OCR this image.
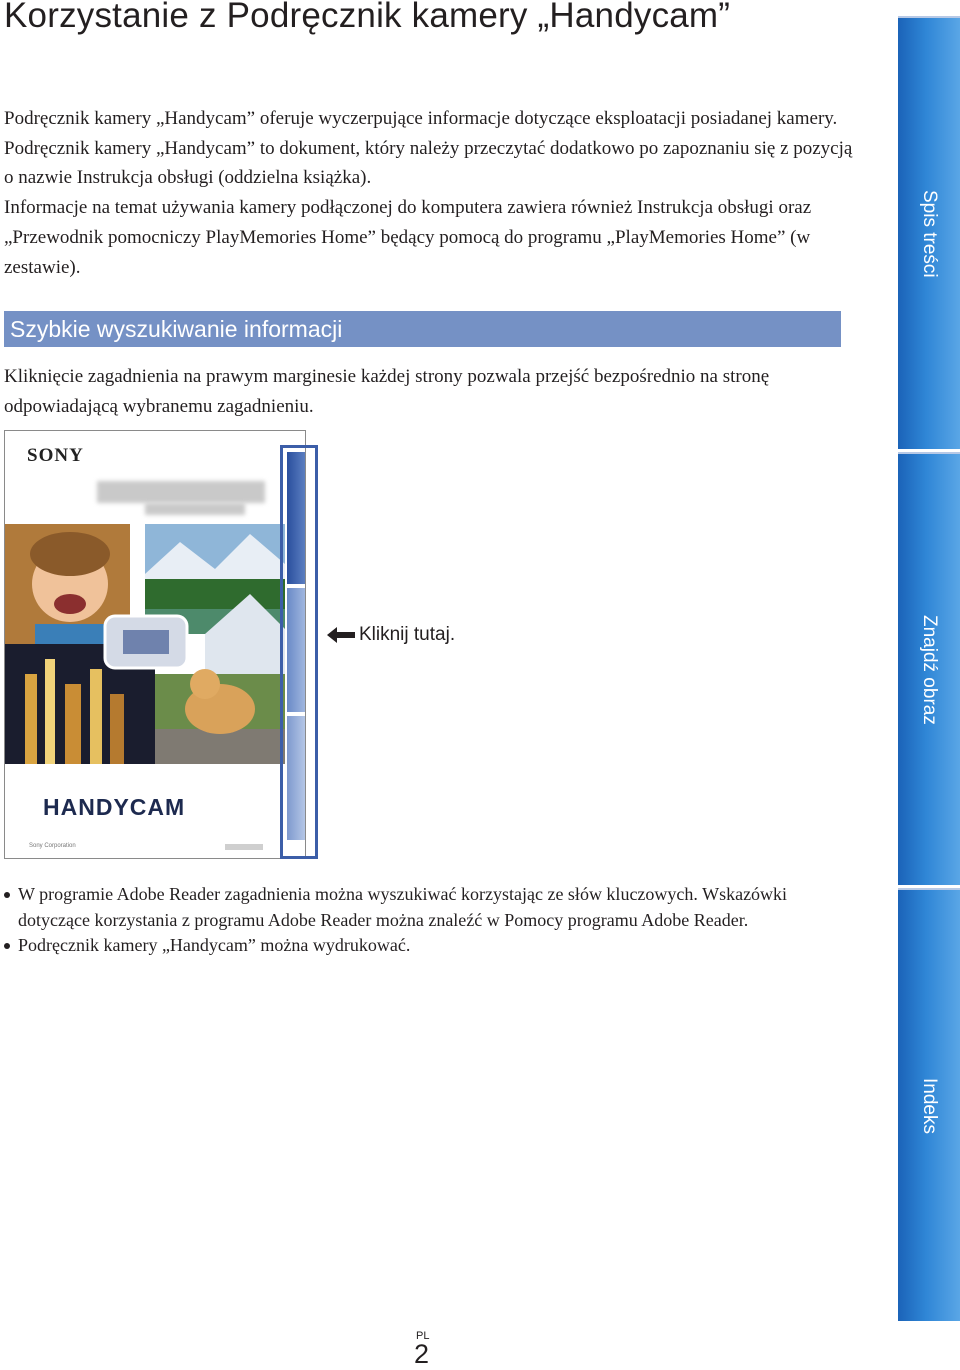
Korzystanie z Podręcznik kamery „Handycam”

Podręcznik kamery „Handycam” oferuje wyczerpujące informacje dotyczące eksploatacji posiadanej kamery. Podręcznik kamery „Handycam” to dokument, który należy przeczytać dodatkowo po zapoznaniu się z pozycją o nazwie Instrukcja obsługi (oddzielna książka).

Informacje na temat używania kamery podłączonej do komputera zawiera również Instrukcja obsługi oraz „Przewodnik pomocniczy PlayMemories Home” będący pomocą do programu „PlayMemories Home” (w zestawie).

Szybkie wyszukiwanie informacji

Kliknięcie zagadnienia na prawym marginesie każdej strony pozwala przejść bezpośrednio na stronę odpowiadającą wybranemu zagadnieniu.

SONY
HANDYCAM
Sony Corporation
Kliknij tutaj.
W programie Adobe Reader zagadnienia można wyszukiwać korzystając ze słów kluczowych. Wskazówki dotyczące korzystania z programu Adobe Reader można znaleźć w Pomocy programu Adobe Reader.
Podręcznik kamery „Handycam” można wydrukować.
Spis treści
Znajdź obraz
Indeks
PL
2
